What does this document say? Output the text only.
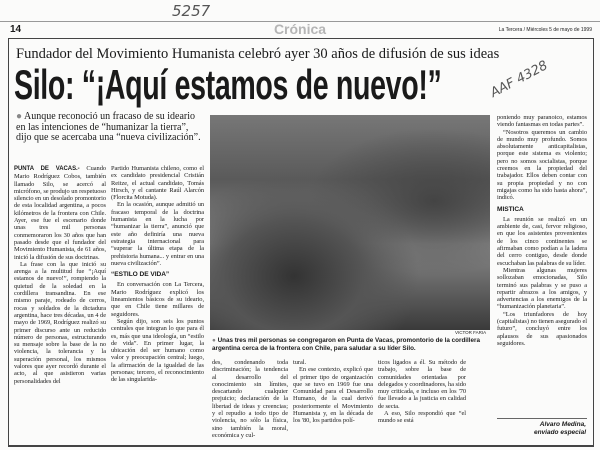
5257
14	Crónica	La Tercera / Miércoles 5 de mayo de 1999
Fundador del Movimiento Humanista celebró ayer 30 años de difusión de sus ideas
Silo: “¡Aquí estamos de nuevo!”	AAF 4328
● Aunque reconoció un fracaso de su ideario en las intenciones de “humanizar la tierra”, dijo que se acercaba una “nueva civilización”.

PUNTA DE VACAS.- Cuando Mario Rodríguez Cobos, también llamado Silo, se acercó al micrófono, se produjo un respetuoso silencio en un desolado promontorio de esta localidad argentina, a pocos kilómetros de la frontera con Chile. Ayer, ese fue el escenario donde unas tres mil personas conmemoraron los 30 años que han pasado desde que el fundador del Movimiento Humanista, de 61 años, inició la difusión de sus doctrinas.

La frase con la que inició su arenga a la multitud fue “¡Aquí estamos de nuevo!”, rompiendo la quietud de la soledad en la cordillera transandina. En ese mismo paraje, rodeado de cerros, rocas y soldados de la dictadura argentina, hace tres décadas, un 4 de mayo de 1969, Rodríguez realizó su primer discurso ante un reducido número de personas, estructurando su mensaje sobre la base de la no violencia, la tolerancia y la superación personal, los mismos valores que ayer recordó durante el acto, al que asistieron varias personalidades del

Partido Humanista chileno, como el ex candidato presidencial Cristián Reitze, el actual candidato, Tomás Hirsch, y el cantante Raúl Alarcón (Florcita Motuda).

En la ocasión, aunque admitió un fracaso temporal de la doctrina humanista en la lucha por “humanizar la tierra”, anunció que este año definiría una nueva estrategia internacional para “superar la última etapa de la prehistoria humana... y entrar en una nueva civilización”.

“ESTILO DE VIDA”

En conversación con La Tercera, Mario Rodríguez explicó los lineamientos básicos de su ideario, que en Chile tiene millares de seguidores.

Según dijo, son seis los puntos centrales que integran lo que para él es, más que una ideología, un “estilo de vida”. En primer lugar, la ubicación del ser humano como valor y preocupación central; luego, la afirmación de la igualdad de las personas; tercero, el reconocimiento de las singularida-

VICTOR FARIA
● Unas tres mil personas se congregaron en Punta de Vacas, promontorio de la cordillera argentina cerca de la frontera con Chile, para saludar a su líder Silo.

des, condenando toda discriminación; la tendencia al desarrollo del conocimiento sin límites, descartando cualquier prejuicio; declaración de la libertad de ideas y creencias; y el repudio a todo tipo de violencia, no sólo la física, sino también la moral, económica y cul-

tural.

En ese contexto, explicó que el primer tipo de organización que se tuvo en 1969 fue una Comunidad para el Desarrollo Humano, de la cual derivó posteriormente el Movimiento Humanista y, en la década de los '80, los partidos polí-

ticos ligados a él. Su método de trabajo, sobre la base de comunidades orientadas por delegados y coordinadores, ha sido muy criticada, e incluso en los '70 fue llevado a la justicia en calidad de secta.

A eso, Silo respondió que “el mundo se está

poniendo muy paranoico, estamos viendo fantasmas en todas partes”.

“Nosotros queremos un cambio de mundo muy profundo. Somos absolutamente anticapitalistas, porque este sistema es violento; pero no somos socialistas, porque creemos en la propiedad del trabajador. Ellos deben contar con su propia propiedad y no con migajas como ha sido hasta ahora”, indicó.

MISTICA

La reunión se realizó en un ambiente de, casi, fervor religioso, en que los asistentes provenientes de los cinco continentes se afirmaban como podían a la ladera del cerro contiguo, desde donde escuchaban las palabras de su líder.

Mientras algunas mujeres sollozaban emocionadas, Silo terminó sus palabras y se puso a repartir abrazos a los amigos, y advertencias a los enemigos de la “humanización planetaria”.

“Los triunfadores de hoy (capitalistas) no tienen asegurado el futuro”, concluyó entre los aplausos de sus apasionados seguidores.

Alvaro Medina,
enviado especial
